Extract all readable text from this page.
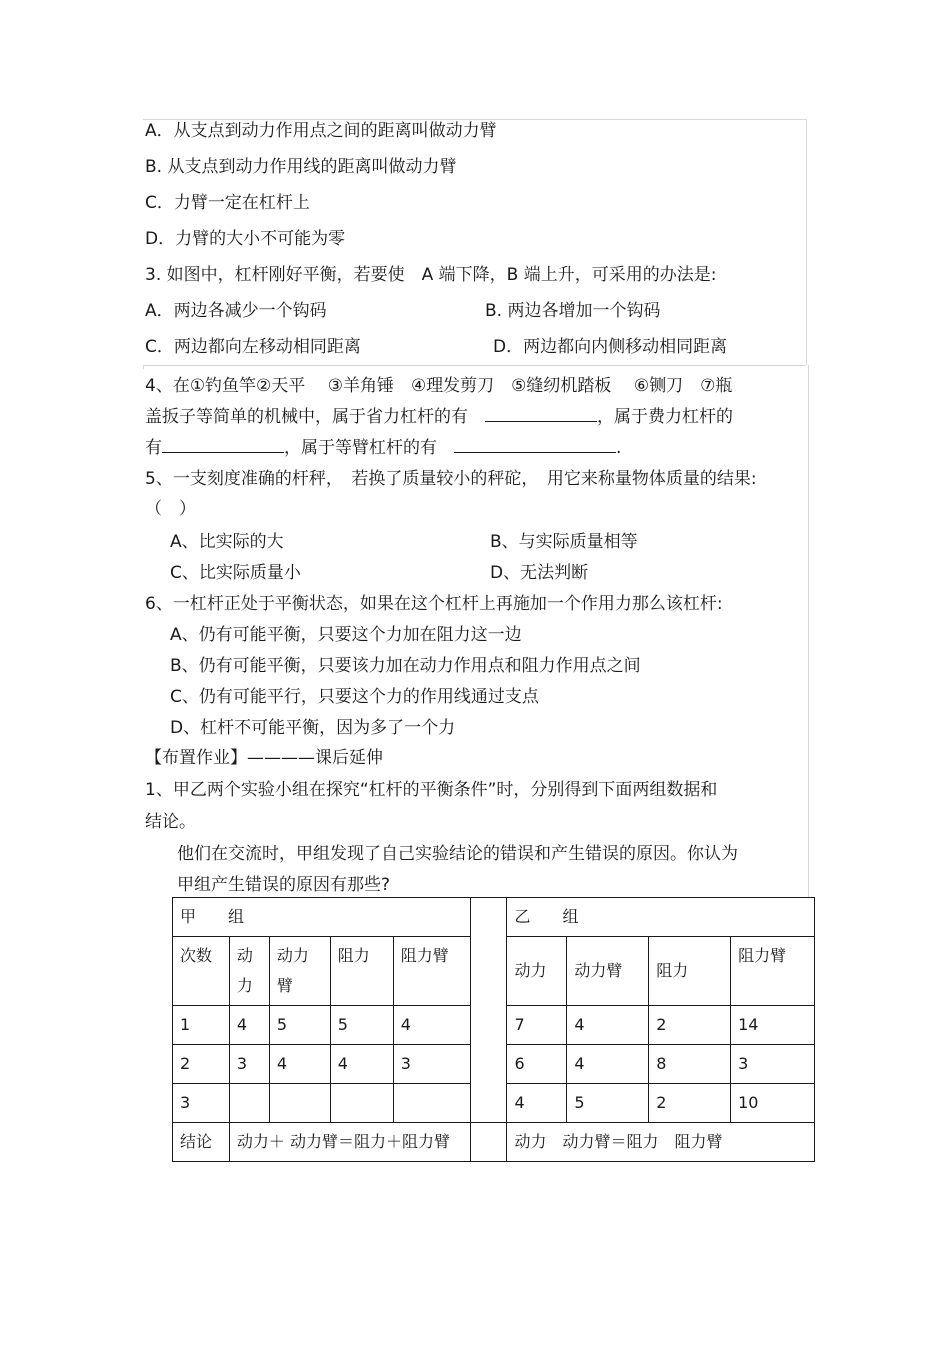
A．从支点到动力作用点之间的距离叫做动力臂
B. 从支点到动力作用线的距离叫做动力臂
C．力臂一定在杠杆上
D．力臂的大小不可能为零
3. 如图中，杠杆刚好平衡，若要使　A 端下降，B 端上升，可采用的办法是:
A．两边各减少一个钩码	B. 两边各增加一个钩码
C．两边都向左移动相同距离	D．两边都向内侧移动相同距离
4、在①钓鱼竿②天平　 ③羊角锤　④理发剪刀　⑤缝纫机踏板　 ⑥铡刀　⑦瓶
盖扳子等简单的机械中，属于省力杠杆的有　	，属于费力杠杆的
有	，属于等臂杠杆的有　	.
5、一支刻度准确的杆秤，　若换了质量较小的秤砣，　用它来称量物体质量的结果:
（　）
A、比实际的大	B、与实际质量相等
C、比实际质量小	D、无法判断
6、一杠杆正处于平衡状态，如果在这个杠杆上再施加一个作用力那么该杠杆:
A、仍有可能平衡，只要这个力加在阻力这一边
B、仍有可能平衡，只要该力加在动力作用点和阻力作用点之间
C、仍有可能平行，只要这个力的作用线通过支点
D、杠杆不可能平衡，因为多了一个力
【布置作业】————课后延伸
1、甲乙两个实验小组在探究“杠杆的平衡条件”时，分别得到下面两组数据和
结论。
他们在交流时，甲组发现了自己实验结论的错误和产生错误的原因。你认为
甲组产生错误的原因有那些?
甲　　组						乙　　组			
次数	动力	动力臂	阻力	阻力臂		动力	动力臂	阻力	阻力臂
1	4	5	5	4		7	4	2	14
2	3	4	4	3		6	4	8	3
3						4	5	2	10
结论	动力＋ 动力臂＝阻力＋阻力臂					动力　动力臂＝阻力　阻力臂			
